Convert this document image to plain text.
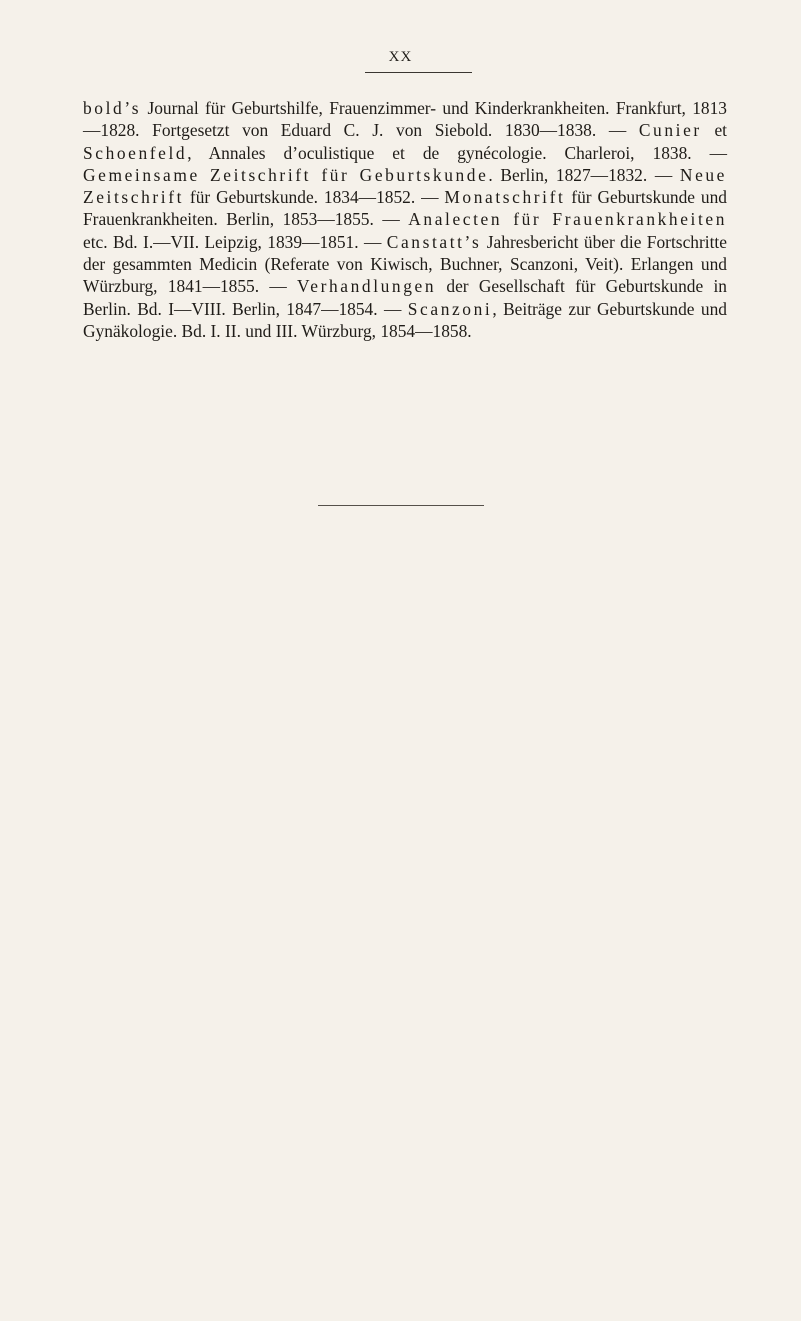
XX

bold’s Journal für Geburtshilfe, Frauenzimmer- und Kinderkrankheiten. Frankfurt, 1813—1828. Fortgesetzt von Eduard C. J. von Siebold. 1830—1838. — Cunier et Schoenfeld, Annales d’oculistique et de gynécologie. Charleroi, 1838. — Gemeinsame Zeitschrift für Geburtskunde. Berlin, 1827—1832. — Neue Zeitschrift für Geburtskunde. 1834—1852. — Monatschrift für Geburtskunde und Frauenkrankheiten. Berlin, 1853—1855. — Analecten für Frauenkrankheiten etc. Bd. I.—VII. Leipzig, 1839—1851. — Canstatt’s Jahresbericht über die Fortschritte der gesammten Medicin (Referate von Kiwisch, Buchner, Scanzoni, Veit). Erlangen und Würzburg, 1841—1855. — Verhandlungen der Gesellschaft für Geburtskunde in Berlin. Bd. I—VIII. Berlin, 1847—1854. — Scanzoni, Beiträge zur Geburtskunde und Gynäkologie. Bd. I. II. und III. Würzburg, 1854—1858.
